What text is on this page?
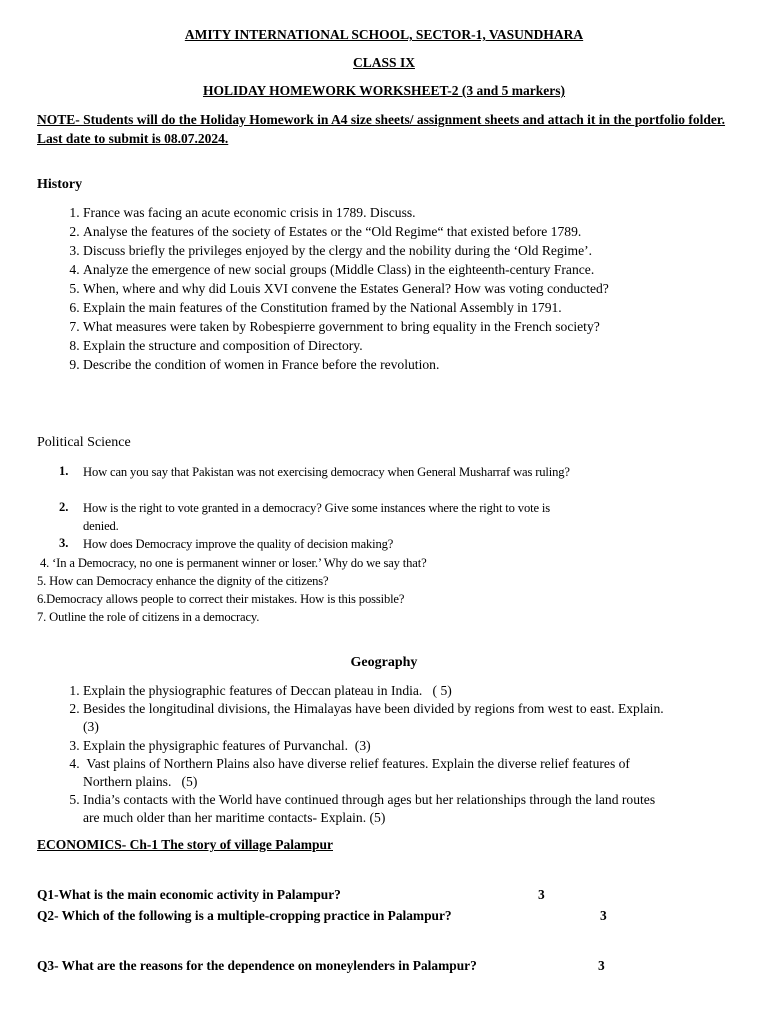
AMITY INTERNATIONAL SCHOOL, SECTOR-1, VASUNDHARA
CLASS IX
HOLIDAY HOMEWORK WORKSHEET-2 (3 and 5 markers)
NOTE- Students will do the Holiday Homework in A4 size sheets/ assignment sheets and attach it in the portfolio folder. Last date to submit is 08.07.2024.
History
1. France was facing an acute economic crisis in 1789. Discuss.
2. Analyse the features of the society of Estates or the “Old Regime“ that existed before 1789.
3. Discuss briefly the privileges enjoyed by the clergy and the nobility during the ‘Old Regime’.
4. Analyze the emergence of new social groups (Middle Class) in the eighteenth-century France.
5. When, where and why did Louis XVI convene the Estates General? How was voting conducted?
6. Explain the main features of the Constitution framed by the National Assembly in 1791.
7. What measures were taken by Robespierre government to bring equality in the French society?
8. Explain the structure and composition of Directory.
9. Describe the condition of women in France before the revolution.
Political Science
1. How can you say that Pakistan was not exercising democracy when General Musharraf was ruling?
2. How is the right to vote granted in a democracy? Give some instances where the right to vote is denied.
3. How does Democracy improve the quality of decision making?
4. ‘In a Democracy, no one is permanent winner or loser.’ Why do we say that?
5. How can Democracy enhance the dignity of the citizens?
6.Democracy allows people to correct their mistakes. How is this possible?
7. Outline the role of citizens in a democracy.
Geography
1. Explain the physiographic features of Deccan plateau in India.   ( 5)
2. Besides the longitudinal divisions, the Himalayas have been divided by regions from west to east. Explain.         (3)
3. Explain the physigraphic features of Purvanchal.  (3)
4.  Vast plains of Northern Plains also have diverse relief features. Explain the diverse relief features of Northern plains.   (5)
5. India’s contacts with the World have continued through ages but her relationships through the land routes are much older than her maritime contacts- Explain. (5)
ECONOMICS- Ch-1 The story of village Palampur
Q1-What is the main economic activity in Palampur?	3
Q2- Which of the following is a multiple-cropping practice in Palampur?	3
Q3- What are the reasons for the dependence on moneylenders in Palampur?	3
